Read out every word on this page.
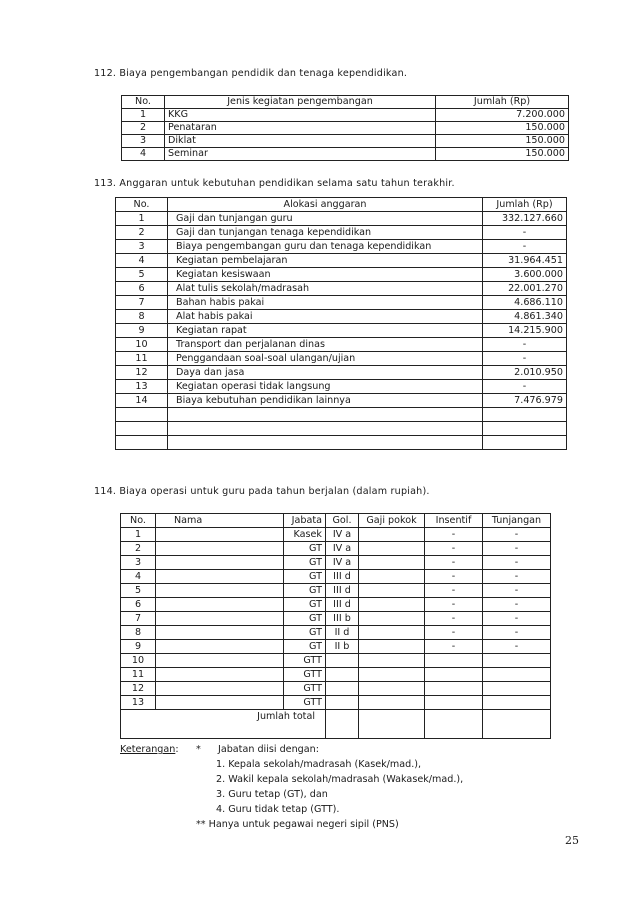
112. Biaya pengembangan pendidik dan tenaga kependidikan.
No.	Jenis kegiatan pengembangan	Jumlah (Rp)
1	KKG	7.200.000
2	Penataran	150.000
3	Diklat	150.000
4	Seminar	150.000
113. Anggaran untuk kebutuhan pendidikan selama satu tahun terakhir.
No.	Alokasi anggaran	Jumlah (Rp)
1	Gaji dan tunjangan guru	332.127.660
2	Gaji dan tunjangan tenaga kependidikan	-
3	Biaya pengembangan guru dan tenaga kependidikan	-
4	Kegiatan pembelajaran	31.964.451
5	Kegiatan kesiswaan	3.600.000
6	Alat tulis sekolah/madrasah	22.001.270
7	Bahan habis pakai	4.686.110
8	Alat habis pakai	4.861.340
9	Kegiatan rapat	14.215.900
10	Transport dan perjalanan dinas	-
11	Penggandaan soal-soal ulangan/ujian	-
12	Daya dan jasa	2.010.950
13	Kegiatan operasi tidak langsung	-
14	Biaya kebutuhan pendidikan lainnya	7.476.979

114. Biaya operasi untuk guru pada tahun berjalan (dalam rupiah).
No.	Nama	Jabata	Gol.	Gaji pokok	Insentif	Tunjangan
1		Kasek	IV a		-	-
2		GT	IV a		-	-
3		GT	IV a		-	-
4		GT	III d		-	-
5		GT	III d		-	-
6		GT	III d		-	-
7		GT	III b		-	-
8		GT	II d		-	-
9		GT	II b		-	-
10		GTT				
11		GTT				
12		GTT				
13		GTT				
Jumlah total						
Keterangan: * Jabatan diisi dengan:
1. Kepala sekolah/madrasah (Kasek/mad.),
2. Wakil kepala sekolah/madrasah (Wakasek/mad.),
3. Guru tetap (GT), dan
4. Guru tidak tetap (GTT).
** Hanya untuk pegawai negeri sipil (PNS)
25
